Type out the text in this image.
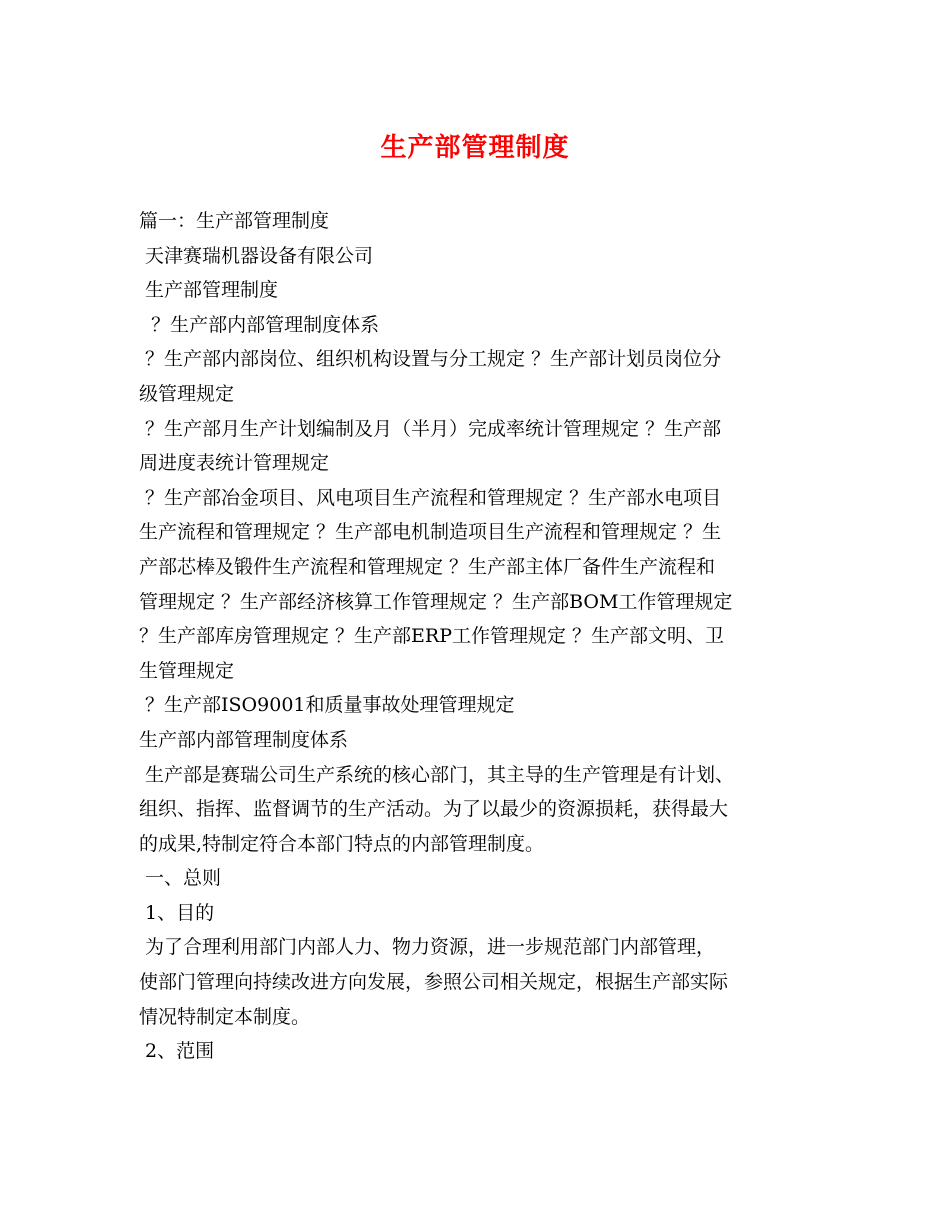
生产部管理制度
篇一：生产部管理制度
天津赛瑞机器设备有限公司
生产部管理制度
？生产部内部管理制度体系
？生产部内部岗位、组织机构设置与分工规定 ？生产部计划员岗位分
级管理规定
？生产部月生产计划编制及月（半月）完成率统计管理规定 ？生产部
周进度表统计管理规定
？生产部冶金项目、风电项目生产流程和管理规定 ？生产部水电项目
生产流程和管理规定 ？生产部电机制造项目生产流程和管理规定 ？生
产部芯棒及锻件生产流程和管理规定 ？生产部主体厂备件生产流程和
管理规定 ？生产部经济核算工作管理规定 ？生产部BOM工作管理规定
？生产部库房管理规定 ？生产部ERP工作管理规定 ？生产部文明、卫
生管理规定
？生产部ISO9001和质量事故处理管理规定
生产部内部管理制度体系
生产部是赛瑞公司生产系统的核心部门，其主导的生产管理是有计划、
组织、指挥、监督调节的生产活动。为了以最少的资源损耗，获得最大
的成果,特制定符合本部门特点的内部管理制度。
一、总则
1、目的
为了合理利用部门内部人力、物力资源，进一步规范部门内部管理，
使部门管理向持续改进方向发展，参照公司相关规定，根据生产部实际
情况特制定本制度。
2、范围
